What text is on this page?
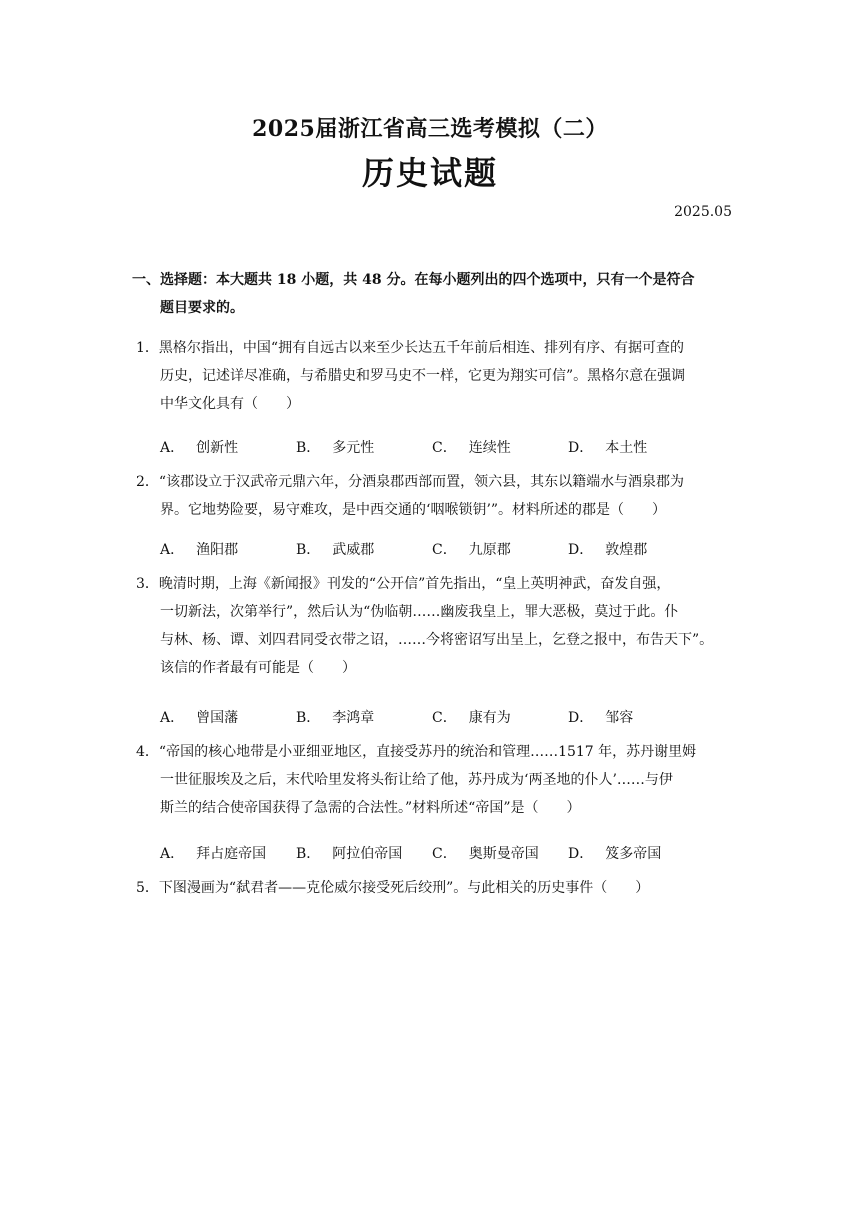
2025届浙江省高三选考模拟（二）
历史试题
2025.05
一、选择题：本大题共 18 小题，共 48 分。在每小题列出的四个选项中，只有一个是符合
题目要求的。
1．黑格尔指出，中国“拥有自远古以来至少长达五千年前后相连、排列有序、有据可查的
历史，记述详尽准确，与希腊史和罗马史不一样，它更为翔实可信”。黑格尔意在强调
中华文化具有（　　）
A． 创新性	B． 多元性	C． 连续性	D． 本土性
2．“该郡设立于汉武帝元鼎六年，分酒泉郡西部而置，领六县，其东以籍端水与酒泉郡为
界。它地势险要，易守难攻，是中西交通的‘咽喉锁钥’”。材料所述的郡是（　　）
A． 渔阳郡	B． 武威郡	C． 九原郡	D． 敦煌郡
3．晚清时期，上海《新闻报》刊发的“公开信”首先指出，“皇上英明神武，奋发自强，
一切新法，次第举行”，然后认为“伪临朝……幽废我皇上，罪大恶极，莫过于此。仆
与林、杨、谭、刘四君同受衣带之诏，……今将密诏写出呈上，乞登之报中，布告天下”。
该信的作者最有可能是（　　）
A． 曾国藩	B． 李鸿章	C． 康有为	D． 邹容
4．“帝国的核心地带是小亚细亚地区，直接受苏丹的统治和管理……1517 年，苏丹谢里姆
一世征服埃及之后，末代哈里发将头衔让给了他，苏丹成为‘两圣地的仆人’……与伊
斯兰的结合使帝国获得了急需的合法性。”材料所述“帝国”是（　　）
A． 拜占庭帝国	B． 阿拉伯帝国	C． 奥斯曼帝国	D． 笈多帝国
5．下图漫画为“弑君者——克伦威尔接受死后绞刑”。与此相关的历史事件（　　）
